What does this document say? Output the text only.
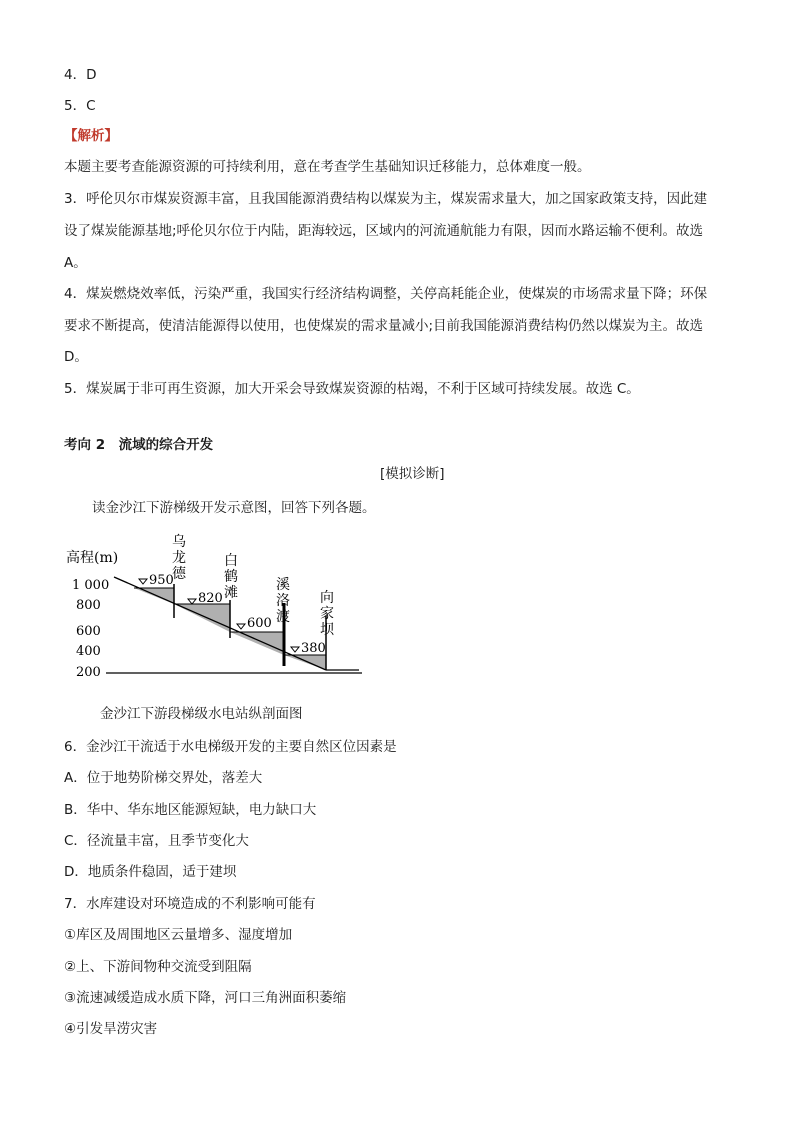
4．D
5．C
【解析】
本题主要考查能源资源的可持续利用，意在考查学生基础知识迁移能力，总体难度一般。
3．呼伦贝尔市煤炭资源丰富，且我国能源消费结构以煤炭为主，煤炭需求量大，加之国家政策支持，因此建
设了煤炭能源基地;呼伦贝尔位于内陆，距海较远，区域内的河流通航能力有限，因而水路运输不便利。故选
A。
4．煤炭燃烧效率低，污染严重，我国实行经济结构调整，关停高耗能企业，使煤炭的市场需求量下降；环保
要求不断提高，使清洁能源得以使用，也使煤炭的需求量减小;目前我国能源消费结构仍然以煤炭为主。故选
D。
5．煤炭属于非可再生资源，加大开采会导致煤炭资源的枯竭，不利于区域可持续发展。故选 C。
考向 2　流域的综合开发
[模拟诊断]
读金沙江下游梯级开发示意图，回答下列各题。
高程(m)
1 000
800
600
400
200
950
820
600
380
乌
龙
德
白
鹤
滩	溪
洛
渡
向
家
坝
金沙江下游段梯级水电站纵剖面图
6．金沙江干流适于水电梯级开发的主要自然区位因素是
A．位于地势阶梯交界处，落差大
B．华中、华东地区能源短缺，电力缺口大
C．径流量丰富，且季节变化大
D．地质条件稳固，适于建坝
7．水库建设对环境造成的不利影响可能有
①库区及周围地区云量增多、湿度增加
②上、下游间物种交流受到阻隔
③流速减缓造成水质下降，河口三角洲面积萎缩
④引发旱涝灾害
